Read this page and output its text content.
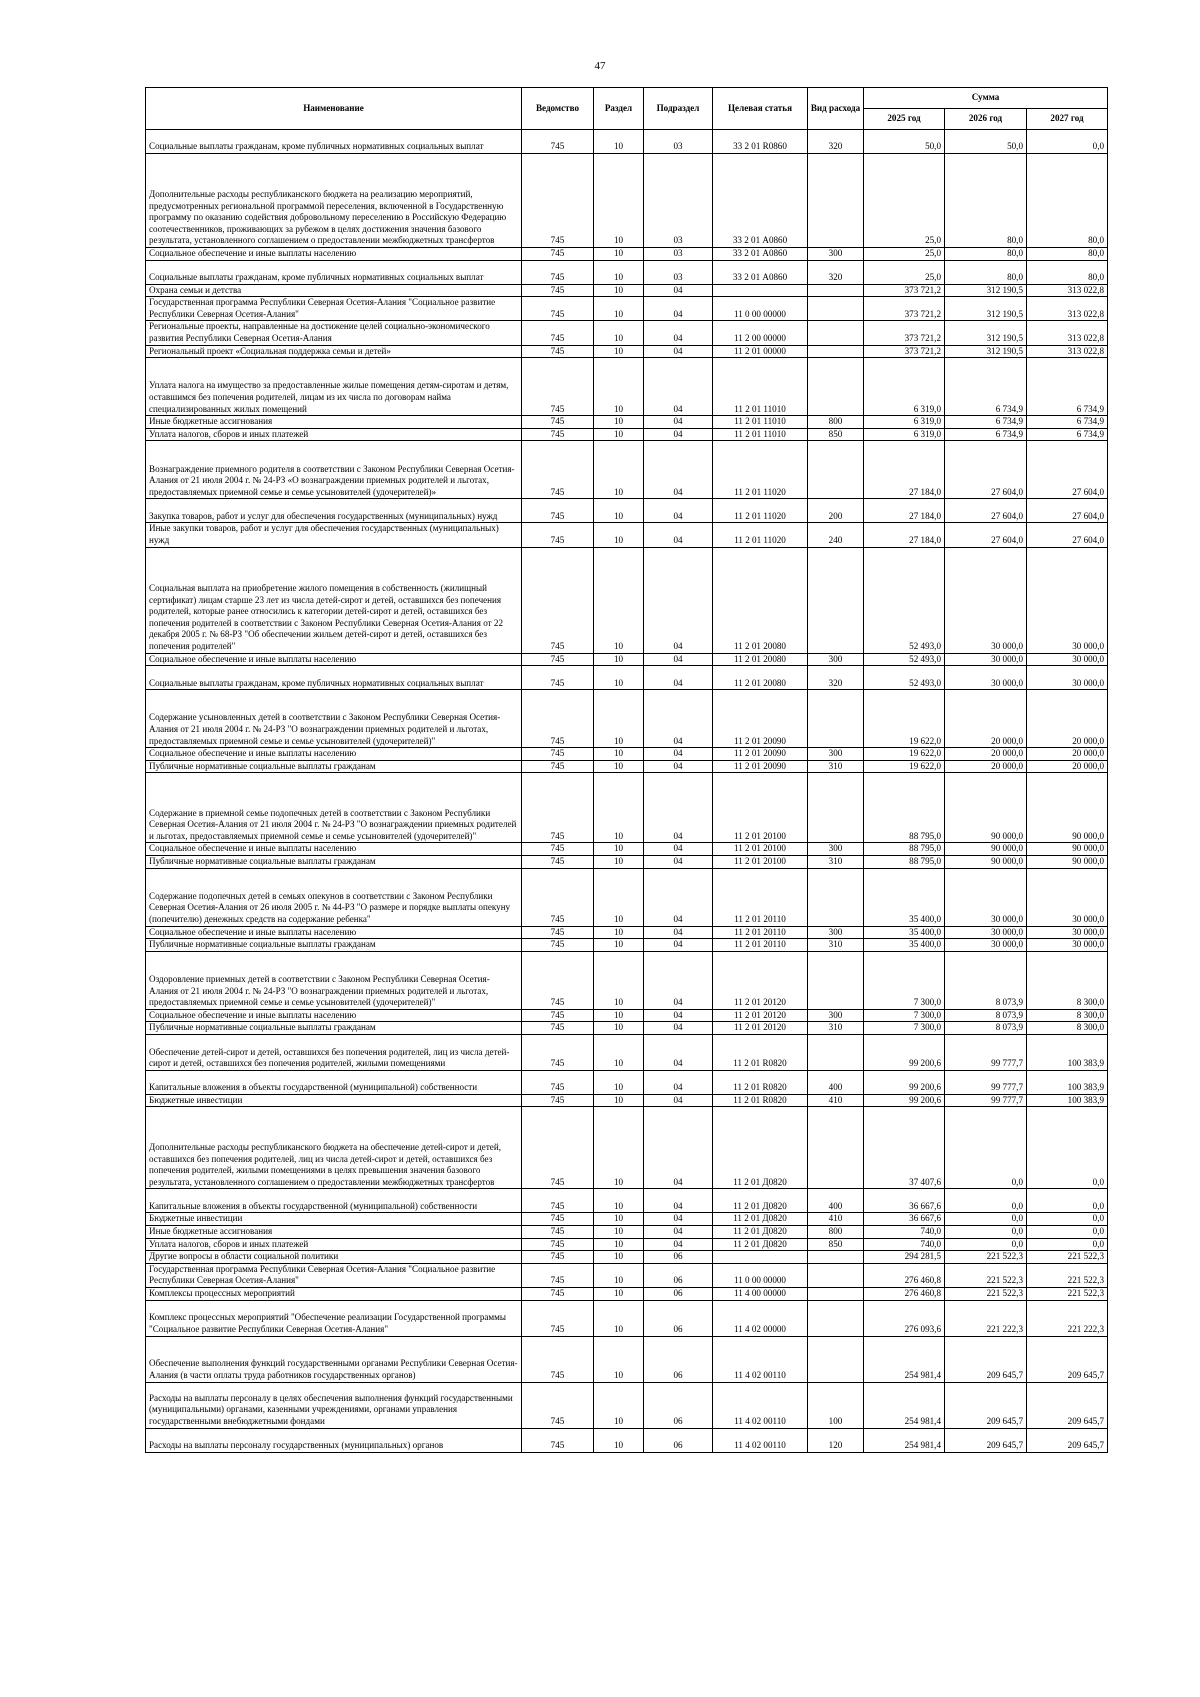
47
Наименование	Ведомство	Раздел	Подраздел	Целевая статья	Вид расхода	Сумма		
						2025 год	2026 год	2027 год
Социальные выплаты гражданам, кроме публичных нормативных социальных выплат	745	10	03	33 2 01 R0860	320	50,0	50,0	0,0
Дополнительные расходы республиканского бюджета на реализацию мероприятий, предусмотренных региональной программой переселения, включенной в Государственную программу по оказанию содействия добровольному переселению в Российскую Федерацию соотечественников, проживающих за рубежом в целях достижения значения базового результата, установленного соглашением о предоставлении межбюджетных трансфертов	745	10	03	33 2 01 А0860		25,0	80,0	80,0
Социальное обеспечение и иные выплаты населению	745	10	03	33 2 01 А0860	300	25,0	80,0	80,0
Социальные выплаты гражданам, кроме публичных нормативных социальных выплат	745	10	03	33 2 01 А0860	320	25,0	80,0	80,0
Охрана семьи и детства	745	10	04			373 721,2	312 190,5	313 022,8
Государственная программа Республики Северная Осетия-Алания "Социальное развитие Республики Северная Осетия-Алания"	745	10	04	11 0 00 00000		373 721,2	312 190,5	313 022,8
Региональные проекты, направленные на достижение целей социально-экономического развития Республики Северная Осетия-Алания	745	10	04	11 2 00 00000		373 721,2	312 190,5	313 022,8
Региональный проект «Социальная поддержка семьи и детей»	745	10	04	11 2 01 00000		373 721,2	312 190,5	313 022,8
Уплата налога на имущество за предоставленные жилые помещения детям-сиротам и детям, оставшимся без попечения родителей, лицам из их числа по договорам найма специализированных жилых помещений	745	10	04	11 2 01 11010		6 319,0	6 734,9	6 734,9
Иные бюджетные ассигнования	745	10	04	11 2 01 11010	800	6 319,0	6 734,9	6 734,9
Уплата налогов, сборов и иных платежей	745	10	04	11 2 01 11010	850	6 319,0	6 734,9	6 734,9
Вознаграждение приемного родителя в соответствии с Законом Республики Северная Осетия-Алания от 21 июля 2004 г. № 24-РЗ «О вознаграждении приемных родителей и льготах, предоставляемых приемной семье и семье усыновителей (удочерителей)»	745	10	04	11 2 01 11020		27 184,0	27 604,0	27 604,0
Закупка товаров, работ и услуг для обеспечения государственных (муниципальных) нужд	745	10	04	11 2 01 11020	200	27 184,0	27 604,0	27 604,0
Иные закупки товаров, работ и услуг для обеспечения государственных (муниципальных) нужд	745	10	04	11 2 01 11020	240	27 184,0	27 604,0	27 604,0
Социальная выплата на приобретение жилого помещения в собственность (жилищный сертификат) лицам старше 23 лет из числа детей-сирот и детей, оставшихся без попечения родителей, которые ранее относились к категории детей-сирот и детей, оставшихся без попечения родителей в соответствии с Законом Республики Северная Осетия-Алания от 22 декабря 2005 г. № 68-РЗ "Об обеспечении жильем детей-сирот и детей, оставшихся без попечения родителей"	745	10	04	11 2 01 20080		52 493,0	30 000,0	30 000,0
Социальное обеспечение и иные выплаты населению	745	10	04	11 2 01 20080	300	52 493,0	30 000,0	30 000,0
Социальные выплаты гражданам, кроме публичных нормативных социальных выплат	745	10	04	11 2 01 20080	320	52 493,0	30 000,0	30 000,0
Содержание усыновленных детей в соответствии с Законом Республики Северная Осетия-Алания от 21 июля 2004 г. № 24-РЗ "О вознаграждении приемных родителей и льготах, предоставляемых приемной семье и семье усыновителей (удочерителей)"	745	10	04	11 2 01 20090		19 622,0	20 000,0	20 000,0
Социальное обеспечение и иные выплаты населению	745	10	04	11 2 01 20090	300	19 622,0	20 000,0	20 000,0
Публичные нормативные социальные выплаты гражданам	745	10	04	11 2 01 20090	310	19 622,0	20 000,0	20 000,0
Содержание в приемной семье подопечных детей в соответствии с Законом Республики Северная Осетия-Алания от 21 июля 2004 г. № 24-РЗ "О вознаграждении приемных родителей и льготах, предоставляемых приемной семье и семье усыновителей (удочерителей)"	745	10	04	11 2 01 20100		88 795,0	90 000,0	90 000,0
Социальное обеспечение и иные выплаты населению	745	10	04	11 2 01 20100	300	88 795,0	90 000,0	90 000,0
Публичные нормативные социальные выплаты гражданам	745	10	04	11 2 01 20100	310	88 795,0	90 000,0	90 000,0
Содержание подопечных детей в семьях опекунов в соответствии с Законом Республики Северная Осетия-Алания от 26 июля 2005 г. № 44-РЗ "О размере и порядке выплаты опекуну (попечителю) денежных средств на содержание ребенка"	745	10	04	11 2 01 20110		35 400,0	30 000,0	30 000,0
Социальное обеспечение и иные выплаты населению	745	10	04	11 2 01 20110	300	35 400,0	30 000,0	30 000,0
Публичные нормативные социальные выплаты гражданам	745	10	04	11 2 01 20110	310	35 400,0	30 000,0	30 000,0
Оздоровление приемных детей в соответствии с Законом Республики Северная Осетия-Алания от 21 июля 2004 г. № 24-РЗ "О вознаграждении приемных родителей и льготах, предоставляемых приемной семье и семье усыновителей (удочерителей)"	745	10	04	11 2 01 20120		7 300,0	8 073,9	8 300,0
Социальное обеспечение и иные выплаты населению	745	10	04	11 2 01 20120	300	7 300,0	8 073,9	8 300,0
Публичные нормативные социальные выплаты гражданам	745	10	04	11 2 01 20120	310	7 300,0	8 073,9	8 300,0
Обеспечение детей-сирот и детей, оставшихся без попечения родителей, лиц из числа детей-сирот и детей, оставшихся без попечения родителей, жилыми помещениями	745	10	04	11 2 01 R0820		99 200,6	99 777,7	100 383,9
Капитальные вложения в объекты государственной (муниципальной) собственности	745	10	04	11 2 01 R0820	400	99 200,6	99 777,7	100 383,9
Бюджетные инвестиции	745	10	04	11 2 01 R0820	410	99 200,6	99 777,7	100 383,9
Дополнительные расходы республиканского бюджета на обеспечение детей-сирот и детей, оставшихся без попечения родителей, лиц из числа детей-сирот и детей, оставшихся без попечения родителей, жилыми помещениями в целях превышения значения базового результата, установленного соглашением о предоставлении межбюджетных трансфертов	745	10	04	11 2 01 Д0820		37 407,6	0,0	0,0
Капитальные вложения в объекты государственной (муниципальной) собственности	745	10	04	11 2 01 Д0820	400	36 667,6	0,0	0,0
Бюджетные инвестиции	745	10	04	11 2 01 Д0820	410	36 667,6	0,0	0,0
Иные бюджетные ассигнования	745	10	04	11 2 01 Д0820	800	740,0	0,0	0,0
Уплата налогов, сборов и иных платежей	745	10	04	11 2 01 Д0820	850	740,0	0,0	0,0
Другие вопросы в области социальной политики	745	10	06			294 281,5	221 522,3	221 522,3
Государственная программа Республики Северная Осетия-Алания "Социальное развитие Республики Северная Осетия-Алания"	745	10	06	11 0 00 00000		276 460,8	221 522,3	221 522,3
Комплексы процессных мероприятий	745	10	06	11 4 00 00000		276 460,8	221 522,3	221 522,3
Комплекс процессных мероприятий "Обеспечение реализации Государственной программы "Социальное развитие Республики Северная Осетия-Алания"	745	10	06	11 4 02 00000		276 093,6	221 222,3	221 222,3
Обеспечение выполнения функций государственными органами Республики Северная Осетия-Алания (в части оплаты труда работников государственных органов)	745	10	06	11 4 02 00110		254 981,4	209 645,7	209 645,7
Расходы на выплаты персоналу в целях обеспечения выполнения функций государственными (муниципальными) органами, казенными учреждениями, органами управления государственными внебюджетными фондами	745	10	06	11 4 02 00110	100	254 981,4	209 645,7	209 645,7
Расходы на выплаты персоналу государственных (муниципальных) органов	745	10	06	11 4 02 00110	120	254 981,4	209 645,7	209 645,7
